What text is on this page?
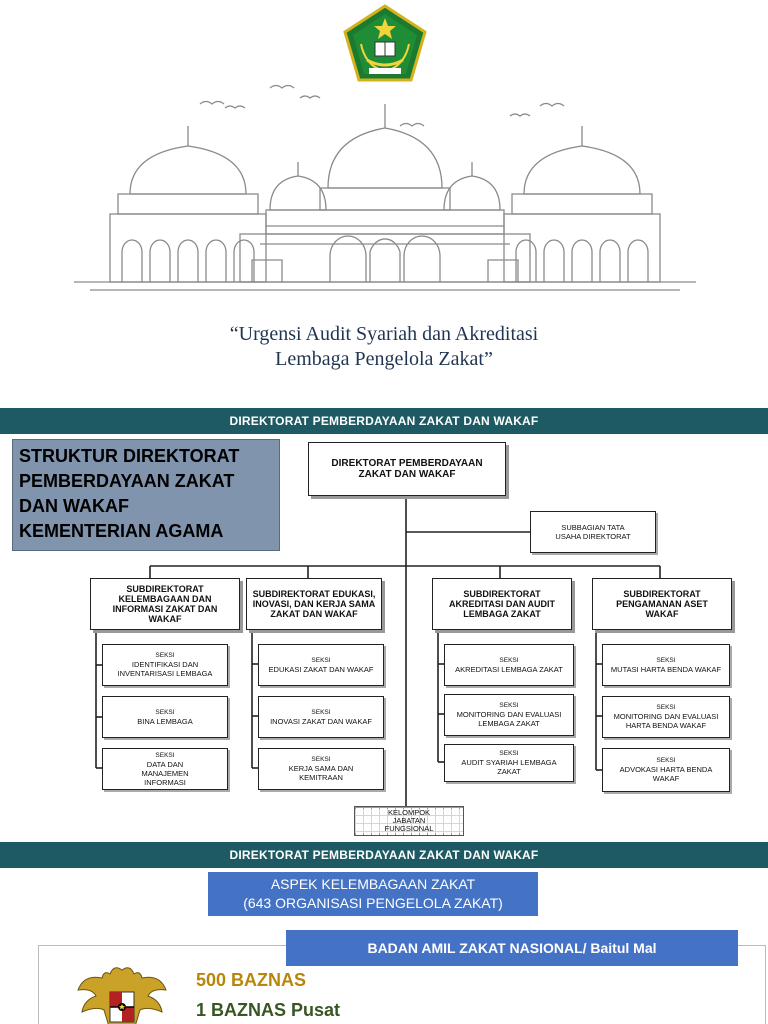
“Urgensi Audit Syariah dan Akreditasi
Lembaga Pengelola Zakat”
DIREKTORAT PEMBERDAYAAN ZAKAT DAN WAKAF
STRUKTUR DIREKTORAT
PEMBERDAYAAN ZAKAT
DAN WAKAF
KEMENTERIAN AGAMA
DIREKTORAT PEMBERDAYAAN ZAKAT DAN WAKAF
SUBBAGIAN TATA USAHA DIREKTORAT
SUBDIREKTORAT KELEMBAGAAN DAN INFORMASI ZAKAT DAN WAKAF
SUBDIREKTORAT EDUKASI, INOVASI, DAN KERJA SAMA ZAKAT DAN WAKAF
SUBDIREKTORAT AKREDITASI DAN AUDIT LEMBAGA ZAKAT
SUBDIREKTORAT PENGAMANAN ASET WAKAF
SEKSI
IDENTIFIKASI DAN INVENTARISASI LEMBAGA
SEKSI
BINA LEMBAGA
SEKSI
DATA DAN MANAJEMEN INFORMASI
SEKSI
EDUKASI ZAKAT DAN WAKAF
SEKSI
INOVASI ZAKAT DAN WAKAF
SEKSI
KERJA SAMA DAN KEMITRAAN
SEKSI
AKREDITASI LEMBAGA ZAKAT
SEKSI
MONITORING DAN EVALUASI LEMBAGA ZAKAT
SEKSI
AUDIT SYARIAH LEMBAGA ZAKAT
SEKSI
MUTASI HARTA BENDA WAKAF
SEKSI
MONITORING DAN EVALUASI HARTA BENDA WAKAF
SEKSI
ADVOKASI HARTA BENDA WAKAF
KELOMPOK JABATAN FUNGSIONAL
DIREKTORAT PEMBERDAYAAN ZAKAT DAN WAKAF
ASPEK KELEMBAGAAN ZAKAT
(643 ORGANISASI PENGELOLA ZAKAT)
BADAN AMIL ZAKAT NASIONAL/ Baitul Mal
500 BAZNAS
1 BAZNAS Pusat
